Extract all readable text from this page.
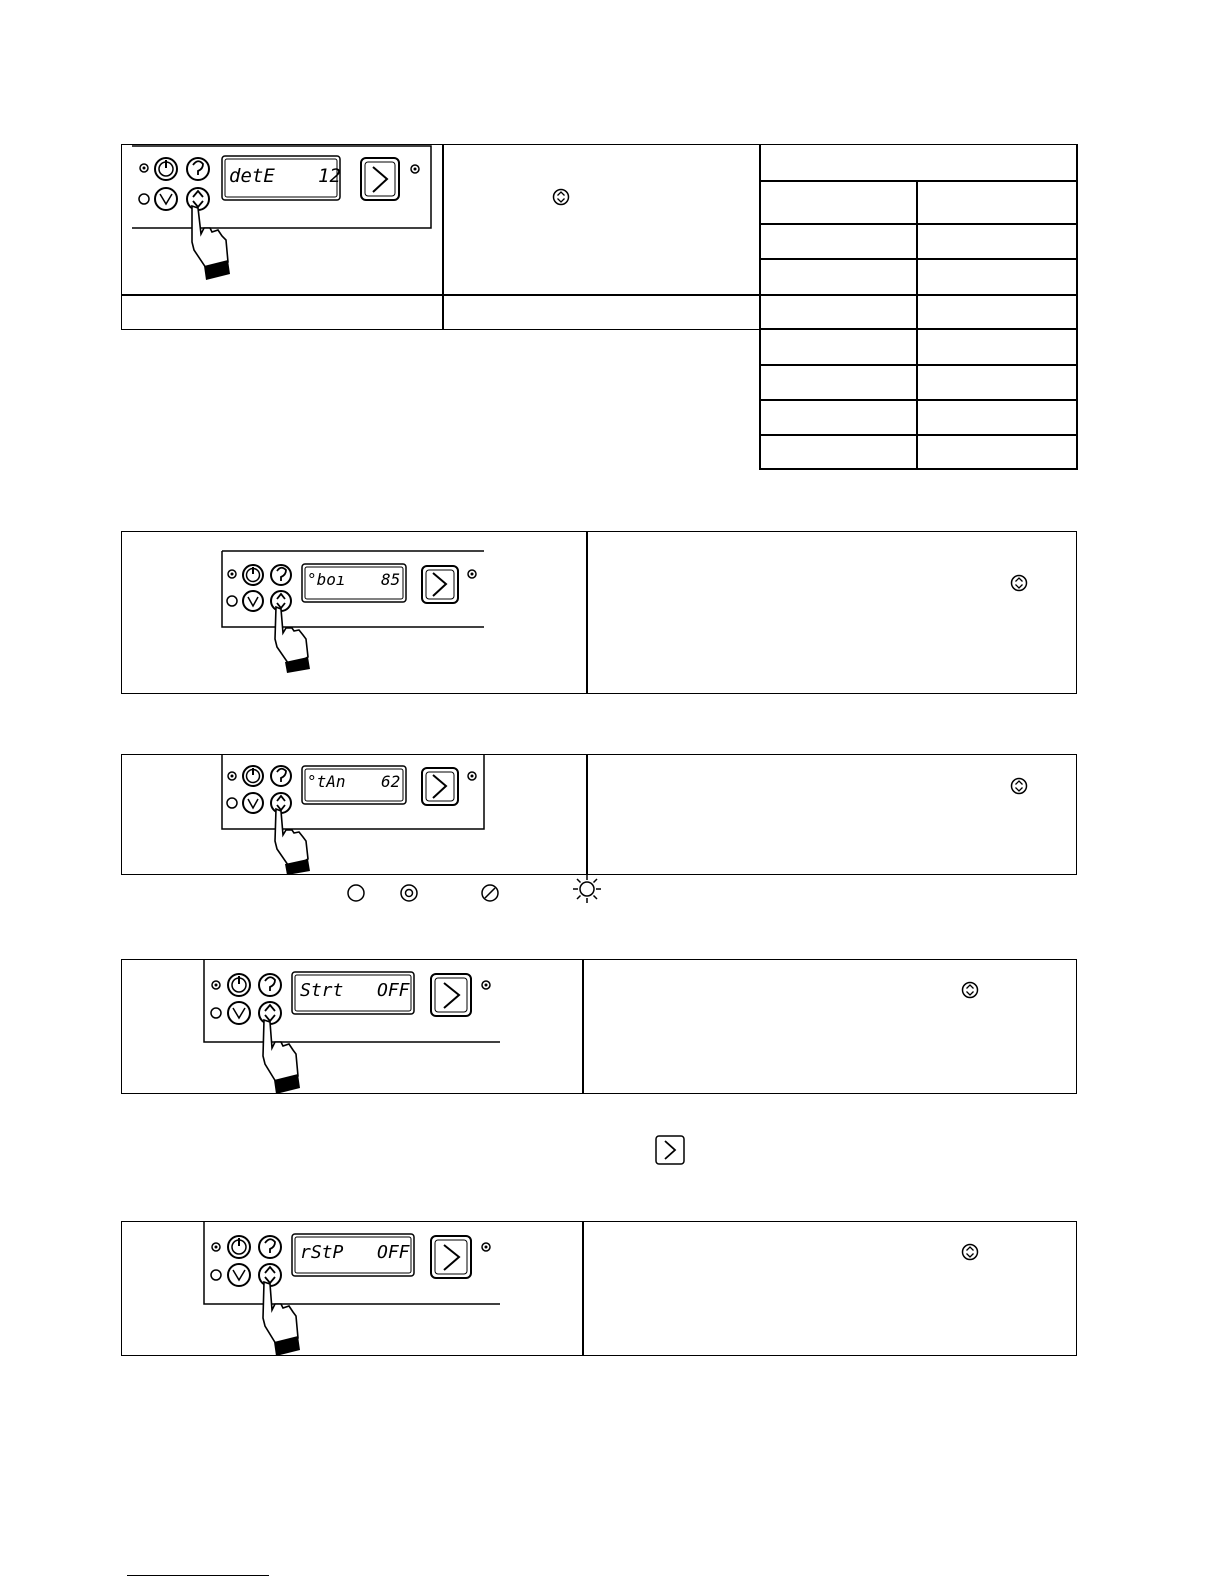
detE 12
°boı 85
°tAn 62
Strt OFF
rStP OFF
